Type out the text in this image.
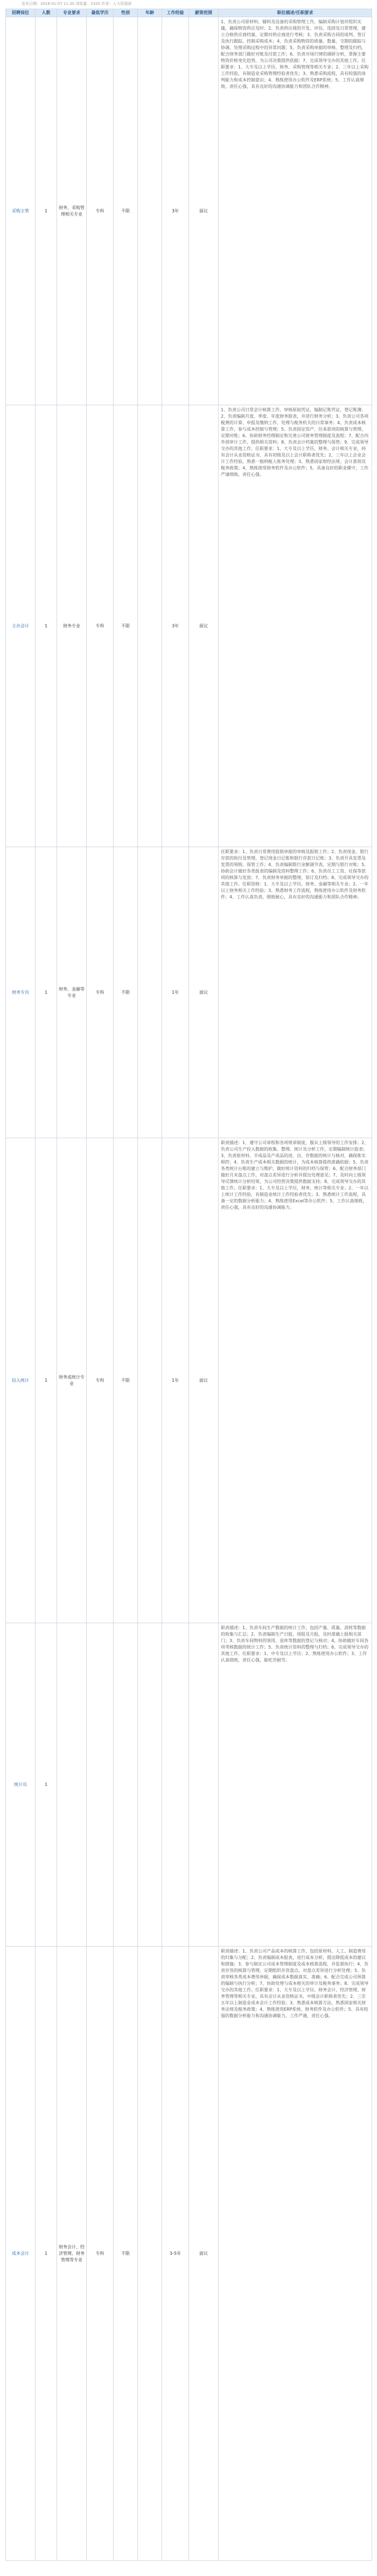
发布日期：2016-01-07 11:30 浏览量：2320 作者：人力资源部
招聘岗位	人数	专业要求	最低学历	性别	年龄	工作经验	薪资范围	职位描述/任职要求
采购主管	1	财务、采购管理相关专业	专科	不限		3年	面议	1、负责公司原材料、辅料及设备的采购管理工作，编制采购计划并组织实施，确保物资供应及时；2、负责供应商的开发、评估、选择及日常管理，建立合格供应商档案，定期对供应商进行考核；3、负责采购合同的谈判、签订及执行跟踪，控制采购成本；4、负责采购物资的质量、数量、交期的跟踪与协调，处理采购过程中的异常问题；5、负责采购单据的审核、整理及归档，配合财务部门做好对账及付款工作；6、负责市场行情的调研分析，掌握主要物资价格变化趋势，为公司决策提供依据；7、完成领导交办的其他工作。任职要求：1、大专及以上学历，财务、采购管理等相关专业；2、三年以上采购工作经验，有制造业采购管理经验者优先；3、熟悉采购流程，具有较强的谈判能力和成本控制意识；4、熟练使用办公软件及ERP系统；5、工作认真细致，责任心强，具有良好的沟通协调能力和团队合作精神。

主办会计	1	财务专业	专科	不限		3年	面议	1、负责公司日常会计核算工作，审核原始凭证，编制记账凭证，登记账簿；2、负责编制月度、季度、年度财务报表，并进行财务分析；3、负责公司各项税费的计算、申报及缴纳工作，处理与税务机关的日常事务；4、负责成本核算工作，参与成本控制与管理；5、负责固定资产、往来款项的核算与管理，定期对账；6、协助财务经理制定和完善公司财务管理制度及流程；7、配合内外部审计工作，提供相关资料；8、负责会计档案的整理与保管；9、完成领导交办的其他工作。任职要求：1、大专及以上学历，财务、会计相关专业，持有会计从业资格证书，具有初级及以上会计职称者优先；2、三年以上企业会计工作经验，熟悉一般纳税人账务处理；3、熟悉国家财经法规、会计准则及税务政策；4、熟练使用财务软件及办公软件；5、具备良好的职业操守，工作严谨细致，责任心强。

财务专员	1	财务、金融等专业	专科	不限		1年	面议	任职要求：1、负责日常费用报销单据的审核及报销工作；2、负责现金、银行存款的收付及管理，登记现金日记账和银行存款日记账；3、负责开具发票及发票的领购、保管工作；4、负责编制银行余额调节表，定期与银行对账；5、协助会计做好各类报表的编制及资料整理工作；6、负责员工工资、社保等款项的核算与发放；7、负责财务单据的整理、装订及归档；8、完成领导交办的其他工作。任职资格：1、大专及以上学历，财务、金融等相关专业；2、一年以上财务相关工作经验；3、熟悉财务工作流程，熟练使用办公软件及财务软件；4、工作认真负责，细致耐心，具有良好的沟通能力和团队合作精神。

投入统计	1	财务或统计专业	专科	不限		1年	面议	职责描述：1、遵守公司章程和各项规章制度，服从上级领导的工作安排；2、负责公司生产投入数据的收集、整理、统计及分析工作，定期编制统计报表；3、负责原材料、半成品及产成品的进、出、存数据的统计与核对，确保账实相符；4、负责生产成本相关数据的统计，为成本核算提供准确依据；5、负责各类统计台账的建立与维护，做好统计资料的归档与保管；6、配合财务部门做好月末盘点工作，对盘点差异进行分析并提出处理意见；7、及时向上级领导反馈统计分析结果，为公司经营决策提供数据支持；8、完成领导交办的其他工作。任职要求：1、大专及以上学历，财务、统计等相关专业；2、一年以上统计工作经验，有制造业统计工作经验者优先；3、熟悉统计工作流程，具备一定的数据分析能力；4、熟练使用Excel等办公软件；5、工作认真细致，责任心强，具有良好的沟通协调能力。

统计员	1							职责描述：1、负责车间生产数据的统计工作，包括产量、质量、消耗等数据的收集与汇总；2、负责编制生产日报、周报及月报，及时准确上报相关部门；3、负责车间物料的领用、退库等数据的登记与核对；4、协助做好车间各项考核数据的统计工作；5、负责统计资料的整理与归档；6、完成领导交办的其他工作。任职要求：1、中专及以上学历；2、熟练使用办公软件；3、工作认真细致，责任心强，能吃苦耐劳。

成本会计	1	财务会计、经济管理、财务管理等专业	专科	不限		3-5年	面议	职责描述：1、负责公司产品成本的核算工作，包括原材料、人工、制造费用的归集与分配；2、负责编制成本报表，进行成本分析，提出降低成本的建议和措施；3、参与制定公司成本管理制度及成本核算流程，并监督执行；4、负责存货的核算与管理，定期组织存货盘点，对盘点差异进行分析处理；5、负责审核各类成本费用单据，确保成本数据真实、准确；6、配合完成公司预算的编制与执行分析；7、协助处理与成本相关的审计及税务事务；8、完成领导交办的其他工作。任职要求：1、大专及以上学历，财务会计、经济管理、财务管理等相关专业，具有会计从业资格证书，中级会计职称者优先；2、三至五年以上制造业成本会计工作经验；3、熟悉成本核算方法，熟悉国家相关财务法规及税务政策；4、熟练使用ERP系统、财务软件及办公软件；5、具有较强的数据分析能力和沟通协调能力，工作严谨，责任心强。
